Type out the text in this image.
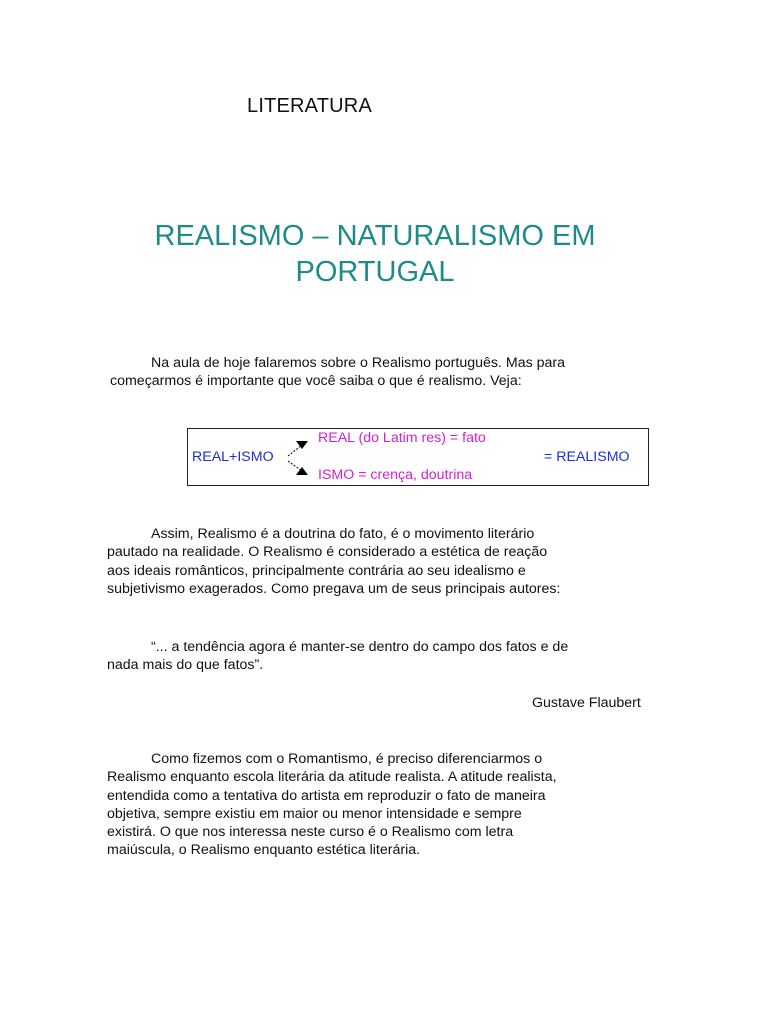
LITERATURA
REALISMO – NATURALISMO EM
PORTUGAL
Na aula de hoje falaremos sobre o Realismo português. Mas para
começarmos é importante que você saiba o que é realismo. Veja:
REAL+ISMO
REAL (do Latim res) = fato
ISMO = crença, doutrina
= REALISMO
Assim, Realismo é a doutrina do fato, é o movimento literário
pautado na realidade. O Realismo é considerado a estética de reação
aos ideais românticos, principalmente contrária ao seu idealismo e
subjetivismo exagerados. Como pregava um de seus principais autores:
“... a tendência agora é manter-se dentro do campo dos fatos e de
nada mais do que fatos”.
Gustave Flaubert
Como fizemos com o Romantismo, é preciso diferenciarmos o
Realismo enquanto escola literária da atitude realista. A atitude realista,
entendida como a tentativa do artista em reproduzir o fato de maneira
objetiva, sempre existiu em maior ou menor intensidade e sempre
existirá. O que nos interessa neste curso é o Realismo com letra
maiúscula, o Realismo enquanto estética literária.
